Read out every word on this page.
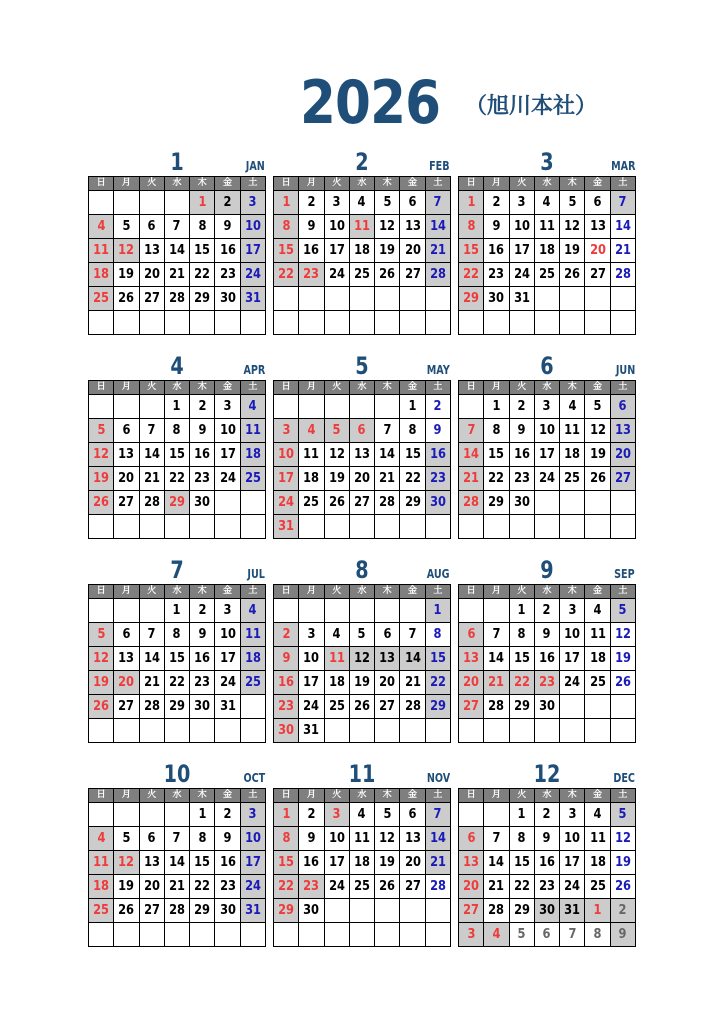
2026 （旭川本社）
1	JAN
日	月	火	水	木	金	土
				1	2	3
4	5	6	7	8	9	10
11	12	13	14	15	16	17
18	19	20	21	22	23	24
25	26	27	28	29	30	31

2	FEB
日	月	火	水	木	金	土
1	2	3	4	5	6	7
8	9	10	11	12	13	14
15	16	17	18	19	20	21
22	23	24	25	26	27	28

3	MAR
日	月	火	水	木	金	土
1	2	3	4	5	6	7
8	9	10	11	12	13	14
15	16	17	18	19	20	21
22	23	24	25	26	27	28
29	30	31				

4	APR
日	月	火	水	木	金	土
			1	2	3	4
5	6	7	8	9	10	11
12	13	14	15	16	17	18
19	20	21	22	23	24	25
26	27	28	29	30		

5	MAY
日	月	火	水	木	金	土
					1	2
3	4	5	6	7	8	9
10	11	12	13	14	15	16
17	18	19	20	21	22	23
24	25	26	27	28	29	30
31						
6	JUN
日	月	火	水	木	金	土
	1	2	3	4	5	6
7	8	9	10	11	12	13
14	15	16	17	18	19	20
21	22	23	24	25	26	27
28	29	30				

7	JUL
日	月	火	水	木	金	土
			1	2	3	4
5	6	7	8	9	10	11
12	13	14	15	16	17	18
19	20	21	22	23	24	25
26	27	28	29	30	31	

8	AUG
日	月	火	水	木	金	土
						1
2	3	4	5	6	7	8
9	10	11	12	13	14	15
16	17	18	19	20	21	22
23	24	25	26	27	28	29
30	31					
9	SEP
日	月	火	水	木	金	土
		1	2	3	4	5
6	7	8	9	10	11	12
13	14	15	16	17	18	19
20	21	22	23	24	25	26
27	28	29	30			

10	OCT
日	月	火	水	木	金	土
				1	2	3
4	5	6	7	8	9	10
11	12	13	14	15	16	17
18	19	20	21	22	23	24
25	26	27	28	29	30	31

11	NOV
日	月	火	水	木	金	土
1	2	3	4	5	6	7
8	9	10	11	12	13	14
15	16	17	18	19	20	21
22	23	24	25	26	27	28
29	30					

12	DEC
日	月	火	水	木	金	土
		1	2	3	4	5
6	7	8	9	10	11	12
13	14	15	16	17	18	19
20	21	22	23	24	25	26
27	28	29	30	31	1	2
3	4	5	6	7	8	9
